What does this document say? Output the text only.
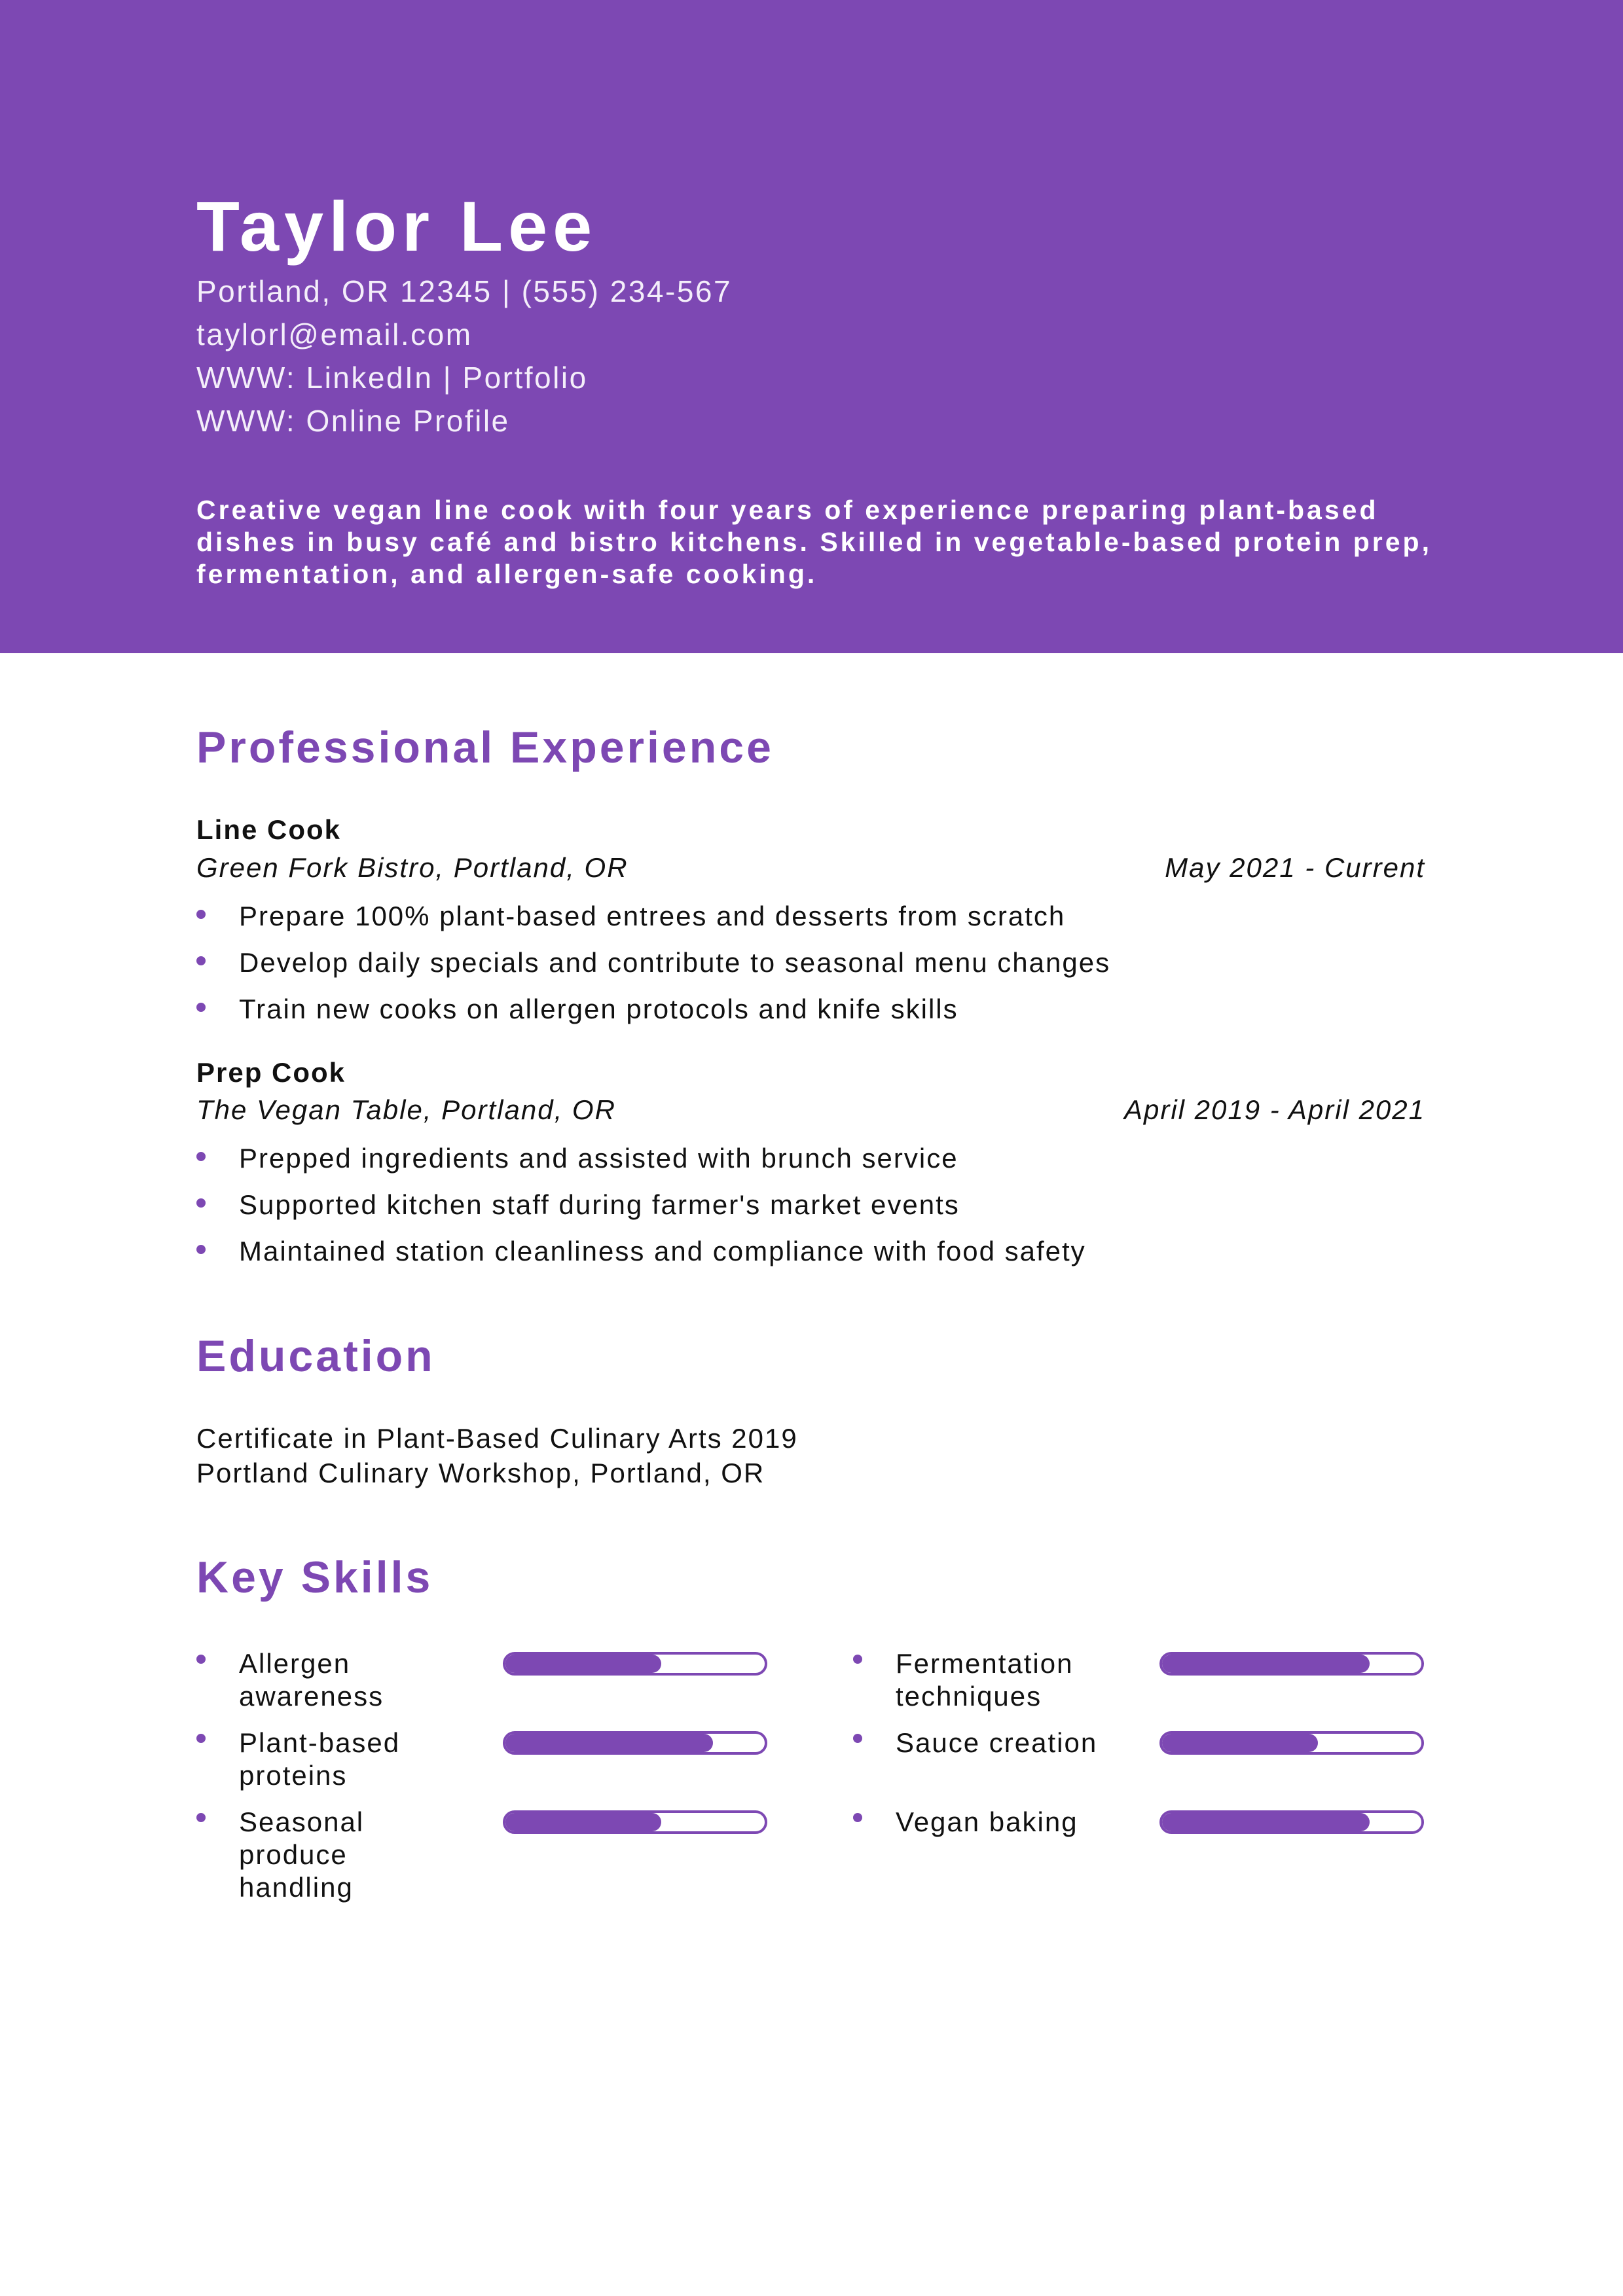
Taylor Lee
Portland, OR 12345 | (555) 234-567
taylorl@email.com
WWW: LinkedIn | Portfolio
WWW: Online Profile
Creative vegan line cook with four years of experience preparing plant-based dishes in busy café and bistro kitchens. Skilled in vegetable-based protein prep, fermentation, and allergen-safe cooking.
Professional Experience
Line Cook
Green Fork Bistro, Portland, OR	May 2021 - Current
Prepare 100% plant-based entrees and desserts from scratch
Develop daily specials and contribute to seasonal menu changes
Train new cooks on allergen protocols and knife skills
Prep Cook
The Vegan Table, Portland, OR	April 2019 - April 2021
Prepped ingredients and assisted with brunch service
Supported kitchen staff during farmer's market events
Maintained station cleanliness and compliance with food safety
Education
Certificate in Plant-Based Culinary Arts 2019
Portland Culinary Workshop, Portland, OR
Key Skills
Allergen awareness
Fermentation techniques
Plant-based proteins
Sauce creation
Seasonal produce handling
Vegan baking
